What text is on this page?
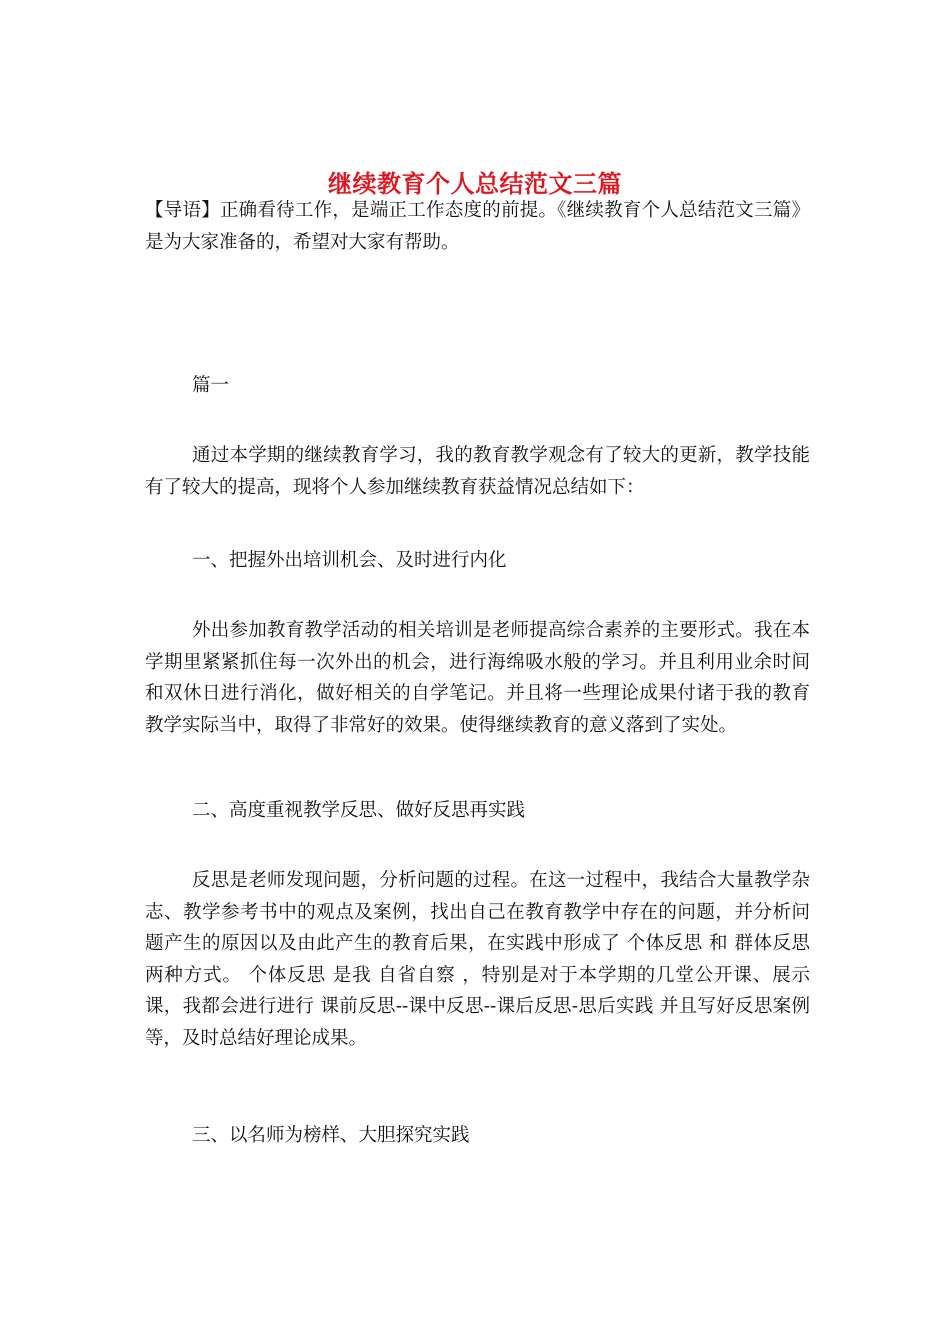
继续教育个人总结范文三篇

【导语】正确看待工作，是端正工作态度的前提。《继续教育个人总结范文三篇》是为大家准备的，希望对大家有帮助。

篇一

通过本学期的继续教育学习，我的教育教学观念有了较大的更新，教学技能有了较大的提高，现将个人参加继续教育获益情况总结如下：

一、把握外出培训机会、及时进行内化

外出参加教育教学活动的相关培训是老师提高综合素养的主要形式。我在本学期里紧紧抓住每一次外出的机会，进行海绵吸水般的学习。并且利用业余时间和双休日进行消化，做好相关的自学笔记。并且将一些理论成果付诸于我的教育教学实际当中，取得了非常好的效果。使得继续教育的意义落到了实处。

二、高度重视教学反思、做好反思再实践

反思是老师发现问题，分析问题的过程。在这一过程中，我结合大量教学杂志、教学参考书中的观点及案例，找出自己在教育教学中存在的问题，并分析问题产生的原因以及由此产生的教育后果，在实践中形成了 个体反思 和 群体反思 两种方式。 个体反思 是我 自省自察 ，特别是对于本学期的几堂公开课、展示课，我都会进行进行 课前反思--课中反思--课后反思-思后实践 并且写好反思案例等，及时总结好理论成果。

三、以名师为榜样、大胆探究实践
